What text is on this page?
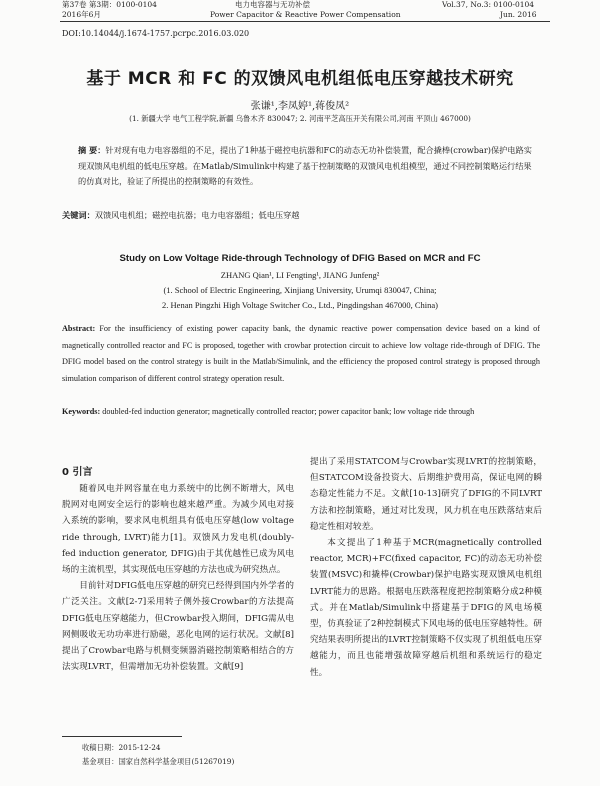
第37卷 第3期：0100-0104
2016年6月
电力电容器与无功补偿
Power Capacitor & Reactive Power Compensation
Vol.37, No.3: 0100-0104
Jun. 2016
DOI:10.14044/j.1674-1757.pcrpc.2016.03.020
基于 MCR 和 FC 的双馈风电机组低电压穿越技术研究
张谦¹,李凤婷¹,蒋俊凤²
(1. 新疆大学 电气工程学院,新疆 乌鲁木齐 830047; 2. 河南平芝高压开关有限公司,河南 平顶山 467000)
摘 要：针对现有电力电容器组的不足，提出了1种基于磁控电抗器和FC的动态无功补偿装置，配合撬棒(crowbar)保护电路实现双馈风电机组的低电压穿越。在Matlab/Simulink中构建了基于控制策略的双馈风电机组模型，通过不同控制策略运行结果的仿真对比，验证了所提出的控制策略的有效性。
关键词：双馈风电机组；磁控电抗器；电力电容器组；低电压穿越
Study on Low Voltage Ride-through Technology of DFIG Based on MCR and FC
ZHANG Qian¹, LI Fengting¹, JIANG Junfeng²
(1. School of Electric Engineering, Xinjiang University, Urumqi 830047, China;
2. Henan Pingzhi High Voltage Switcher Co., Ltd., Pingdingshan 467000, China)
Abstract: For the insufficiency of existing power capacity bank, the dynamic reactive power compensation device based on a kind of magnetically controlled reactor and FC is proposed, together with crowbar protection circuit to achieve low voltage ride-through of DFIG. The DFIG model based on the control strategy is built in the Matlab/Simulink, and the efficiency the proposed control strategy is proposed through simulation comparison of different control strategy operation result.
Keywords: doubled-fed induction generator; magnetically controlled reactor; power capacitor bank; low voltage ride through
0 引言

随着风电并网容量在电力系统中的比例不断增大，风电脱网对电网安全运行的影响也越来越严重。为减少风电对接入系统的影响，要求风电机组具有低电压穿越(low voltage ride through, LVRT)能力[1]。双馈风力发电机(doubly-fed induction generator, DFIG)由于其优越性已成为风电场的主流机型，其实现低电压穿越的方法也成为研究热点。

目前针对DFIG低电压穿越的研究已经得到国内外学者的广泛关注。文献[2-7]采用转子侧外接Crowbar的方法提高DFIG低电压穿越能力，但Crowbar投入期间，DFIG需从电网侧吸收无功功率进行励磁，恶化电网的运行状况。文献[8]提出了Crowbar电路与机侧变频器消磁控制策略相结合的方法实现LVRT，但需增加无功补偿装置。文献[9]

提出了采用STATCOM与Crowbar实现LVRT的控制策略，但STATCOM设备投资大、后期维护费用高，保证电网的瞬态稳定性能力不足。文献[10-13]研究了DFIG的不同LVRT方法和控制策略，通过对比发现，风力机在电压跌落结束后稳定性相对较差。

本文提出了1种基于MCR(magnetically controlled reactor, MCR)+FC(fixed capacitor, FC)的动态无功补偿装置(MSVC)和撬棒(Crowbar)保护电路实现双馈风电机组LVRT能力的思路。根据电压跌落程度把控制策略分成2种模式。并在Matlab/Simulink中搭建基于DFIG的风电场模型，仿真验证了2种控制模式下风电场的低电压穿越特性。研究结果表明所提出的LVRT控制策略不仅实现了机组低电压穿越能力，而且也能增强故障穿越后机组和系统运行的稳定性。

收稿日期：2015-12-24
基金项目：国家自然科学基金项目(51267019)
